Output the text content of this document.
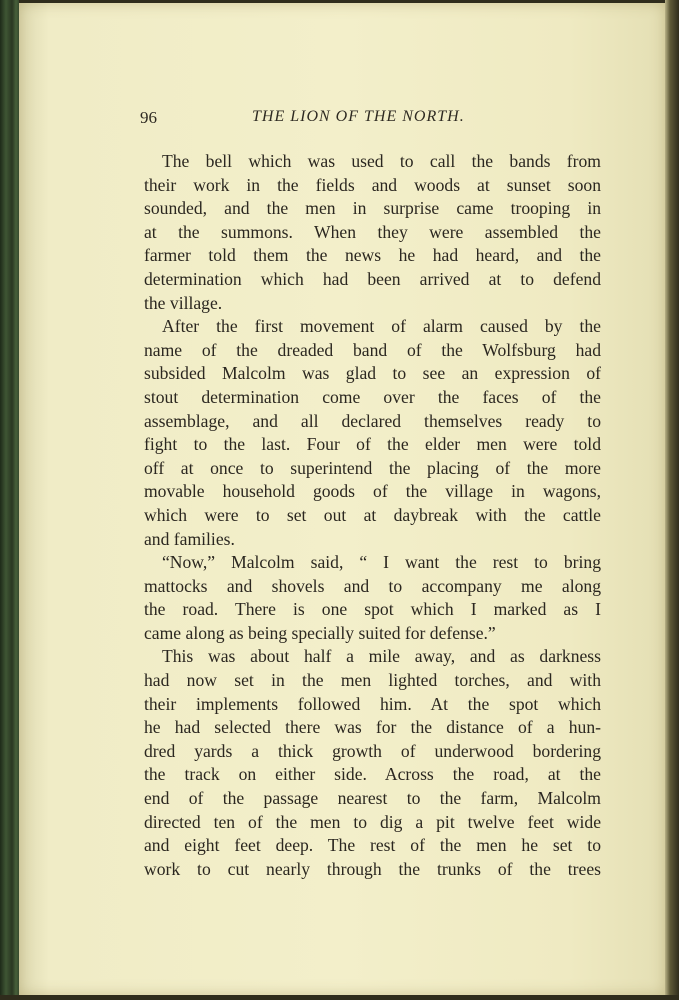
96	THE LION OF THE NORTH.
The bell which was used to call the bands from
their work in the fields and woods at sunset soon
sounded, and the men in surprise came trooping in
at the summons. When they were assembled the
farmer told them the news he had heard, and the
determination which had been arrived at to defend
the village.
After the first movement of alarm caused by the
name of the dreaded band of the Wolfsburg had
subsided Malcolm was glad to see an expression of
stout determination come over the faces of the
assemblage, and all declared themselves ready to
fight to the last. Four of the elder men were told
off at once to superintend the placing of the more
movable household goods of the village in wagons,
which were to set out at daybreak with the cattle
and families.
“Now,” Malcolm said, “ I want the rest to bring
mattocks and shovels and to accompany me along
the road. There is one spot which I marked as I
came along as being specially suited for defense.”
This was about half a mile away, and as darkness
had now set in the men lighted torches, and with
their implements followed him. At the spot which
he had selected there was for the distance of a hun-
dred yards a thick growth of underwood bordering
the track on either side. Across the road, at the
end of the passage nearest to the farm, Malcolm
directed ten of the men to dig a pit twelve feet wide
and eight feet deep. The rest of the men he set to
work to cut nearly through the trunks of the trees
